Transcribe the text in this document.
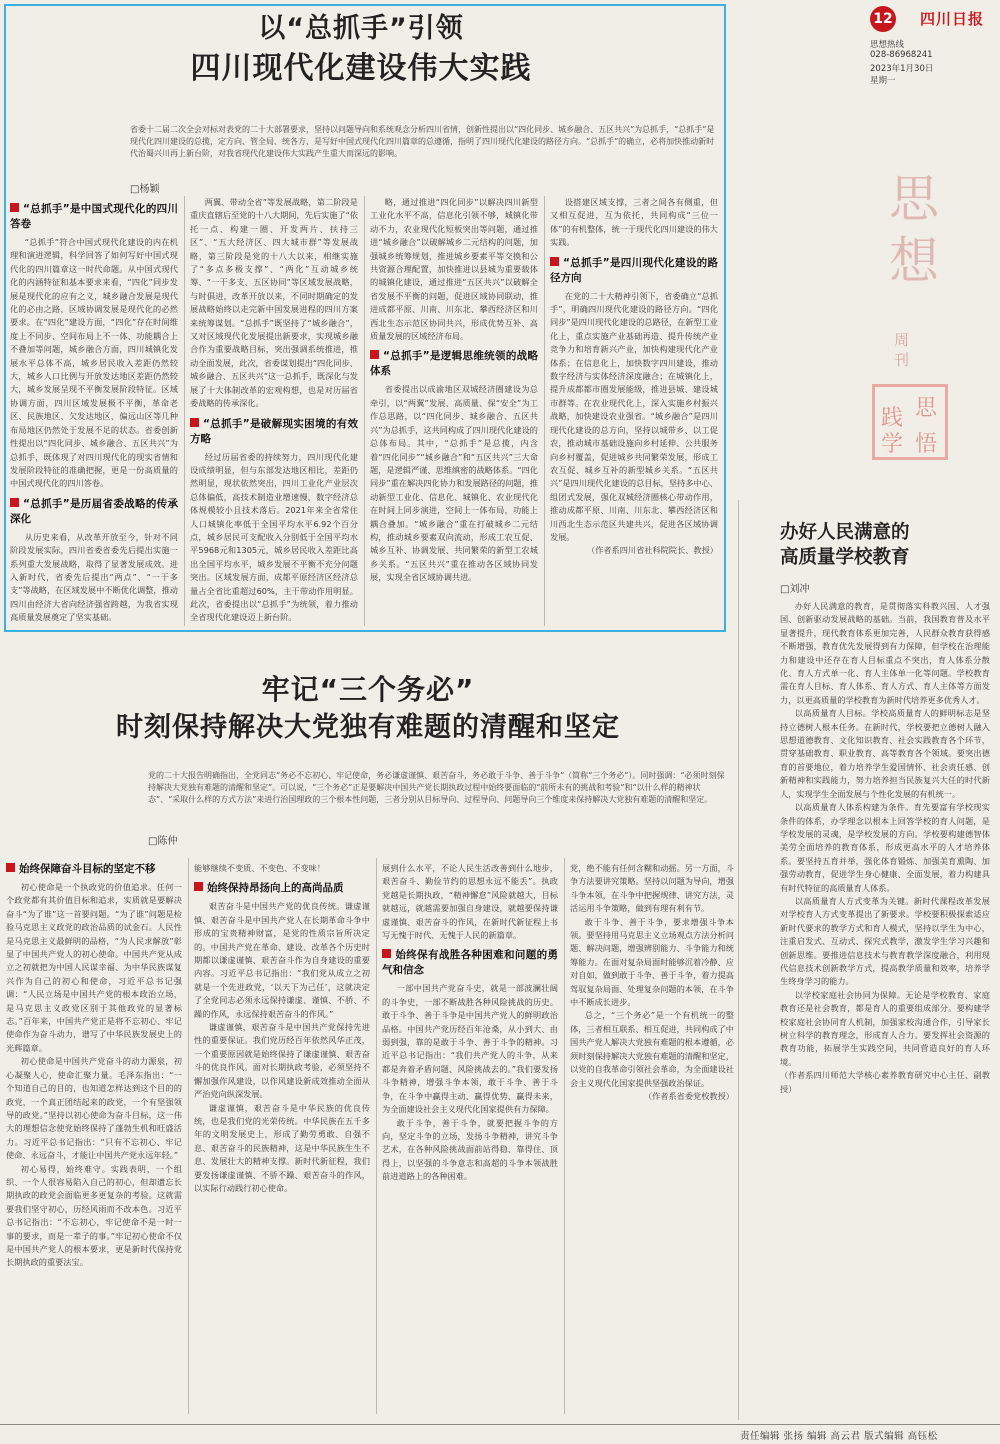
以“总抓手”引领
四川现代化建设伟大实践
省委十二届二次全会对标对表党的二十大部署要求，坚持以问题导向和系统观念分析四川省情，创新性提出以“四化同步、城乡融合、五区共兴”为总抓手，“总抓手”是现代化四川建设的总揽，定方向、管全局、统各方，是写好中国式现代化四川篇章的总遵循，指明了四川现代化建设的路径方向。“总抓手”的确立，必将加快推动新时代治蜀兴川再上新台阶，对我省现代化建设伟大实践产生重大而深远的影响。
□杨颖
“总抓手”是中国式现代化的四川答卷

“总抓手”符合中国式现代化建设的内在机理和演进逻辑，科学回答了如何写好中国式现代化的四川篇章这一时代命题。从中国式现代化的内涵特征和基本要求来看，“四化”同步发展是现代化的应有之义，城乡融合发展是现代化的必由之路，区域协调发展是现代化的必然要求。在“四化”建设方面，“四化”存在时间维度上不同步、空间布局上不一体、功能耦合上不叠加等问题，城乡融合方面，四川城镇化发展水平总体不高，城乡居民收入差距仍然较大，城乡人口比例与开放发达地区差距仍然较大，城乡发展呈现不平衡发展阶段特征。区域协调方面，四川区域发展极不平衡，革命老区、民族地区、欠发达地区、偏远山区等几种布局地区仍然处于发展不足的状态。省委创新性提出以“四化同步、城乡融合、五区共兴”为总抓手，既体现了对四川现代化的现实省情和发展阶段特征的准确把握，更是一份高质量的中国式现代化的四川答卷。

“总抓手”是历届省委战略的传承深化

从历史来看，从改革开放至今，针对不同阶段发展实际，四川省委省委先后提出实施一系列重大发展战略，取得了显著发展成效。进入新时代，省委先后提出“两点”、“一干多支”等战略，在区域发展中不断优化调整，推动四川由经济大省向经济强省跨越，为我省实现高质量发展奠定了坚实基础。

两翼、带动全省”等发展战略，第二阶段是重庆直辖后至党的十八大期间，先后实施了“依托一点、构建一圈、开发两片、扶持三区”、“五大经济区、四大城市群”等发展战略，第三阶段是党的十八大以来，相继实施了“多点多极支撑”、“两化”互动城乡统筹、“一干多支、五区协同”等区域发展战略，与时俱进，改革开放以来，不同时期确定的发展战略始终以走完新中国发展进程的四川方案来统筹谋划。“总抓手”既坚持了“城乡融合”，又对区域现代化发展提出新要求，实现城乡融合作为重要战略目标，突出强调系统推进，推动全面发展，此次，省委谋划提出“四化同步、城乡融合、五区共兴”这一总抓手，既深化与发展了十大体制改革的宏观构想，也是对历届省委战略的传承深化。

“总抓手”是破解现实困境的有效方略

经过历届省委的持续努力，四川现代化建设成绩明显，但与东部发达地区相比，差距仍然明显，现状依然突出，四川工业化产业层次总体偏低，高技术制造业增速慢，数字经济总体规模较小且技术落后。2021年来全省常住人口城镇化率低于全国平均水平6.92个百分点，城乡居民可支配收入分别低于全国平均水平5968元和1305元，城乡居民收入差距比高出全国平均水平，城乡发展不平衡不充分问题突出。区域发展方面，成都平原经济区经济总量占全省比重超过60%，主干带动作用明显。此次，省委提出以“总抓手”为统领，着力推动全省现代化建设迈上新台阶。

略，通过推进“四化同步”以解决四川新型工业化水平不高，信息化引领不够，城镇化带动不力，农业现代化短板突出等问题，通过推进“城乡融合”以破解城乡二元结构的问题，加强城乡统筹规划，推进城乡要素平等交换和公共资源合理配置，加快推进以县城为重要载体的城镇化建设，通过推进“五区共兴”以破解全省发展不平衡的问题，促进区域协同联动，推进成都平原、川南、川东北、攀西经济区和川西北生态示范区协同共兴，形成优势互补、高质量发展的区域经济布局。

“总抓手”是逻辑思维统领的战略体系

省委提出以成渝地区双城经济圈建设为总牵引，以“两翼”发展、高质量、保“安全”为工作总思路，以“四化同步、城乡融合、五区共兴”为总抓手，这共同构成了四川现代化建设的总体布局。其中，“总抓手”是总揽，内含着“四化同步”“城乡融合”和“五区共兴”三大命题，是逻辑严谨、思维缜密的战略体系。“四化同步”重在解决四化协力和发展路径的问题，推动新型工业化、信息化、城镇化、农业现代化在时间上同步演进，空间上一体布局，功能上耦合叠加。“城乡融合”重在打破城乡二元结构，推动城乡要素双向流动，形成工农互促、城乡互补、协调发展、共同繁荣的新型工农城乡关系。“五区共兴”重在推动各区域协同发展，实现全省区域协调共进。

设搭建区域支撑，三者之间各有侧重，但又相互促进，互为依托，共同构成“三位一体”的有机整体，统一于现代化四川建设的伟大实践。

“总抓手”是四川现代化建设的路径方向

在党的二十大精神引领下，省委确立“总抓手”，明确四川现代化建设的路径方向。“四化同步”是四川现代化建设的总路径，在新型工业化上，重点实施产业基础再造、提升传统产业竞争力和培育新兴产业，加快构建现代化产业体系；在信息化上，加快数字四川建设，推动数字经济与实体经济深度融合；在城镇化上，提升成都都市圈发展能级，推进县城、建设城市群等。在农业现代化上，深入实施乡村振兴战略，加快建设农业强省。“城乡融合”是四川现代化建设的总方向，坚持以城带乡、以工促农，推动城市基础设施向乡村延伸、公共服务向乡村覆盖，促进城乡共同繁荣发展，形成工农互促、城乡互补的新型城乡关系。“五区共兴”是四川现代化建设的总目标，坚持多中心、组团式发展，强化双城经济圈核心带动作用，推动成都平原、川南、川东北、攀西经济区和川西北生态示范区共建共兴，促进各区域协调发展。

（作者系四川省社科院院长、教授）

12 四川日报
思想热线
028-86968241
2023年1月30日
星期一
思
想
周
刊
学
思
践
悟
牢记“三个务必”
时刻保持解决大党独有难题的清醒和坚定
党的二十大报告明确指出，全党同志“务必不忘初心、牢记使命，务必谦虚谨慎、艰苦奋斗，务必敢于斗争、善于斗争”（简称“三个务必”）。同时强调：“必须时刻保持解决大党独有难题的清醒和坚定”。可以说，“三个务必”正是要解决中国共产党长期执政过程中始终要面临的“前所未有的挑战和考验”和“以什么样的精神状态”、“采取什么样的方式方法”来进行治国理政的三个根本性问题，三者分别从目标导向、过程导向、问题导向三个维度来保持解决大党独有难题的清醒和坚定。
□陈仲
始终保障奋斗目标的坚定不移

初心使命是一个执政党的价值追求。任何一个政党都有其价值目标和追求，实质就是要解决奋斗“为了谁”这一首要问题。“为了谁”问题是检验马克思主义政党的政治品质的试金石。人民性是马克思主义最鲜明的品格，“为人民求解放”彰显了中国共产党人的初心使命。中国共产党从成立之初就把为中国人民谋幸福、为中华民族谋复兴作为自己的初心和使命，习近平总书记强调：“人民立场是中国共产党的根本政治立场，是马克思主义政党区别于其他政党的显著标志。”百年来，中国共产党正是将不忘初心、牢记使命作为奋斗动力，谱写了中华民族发展史上的光辉篇章。

初心使命是中国共产党奋斗的动力源泉，初心凝聚人心，使命汇聚力量。毛泽东指出：“一个知道自己的目的，也知道怎样达到这个目的的政党，一个真正团结起来的政党，一个有坚强领导的政党。”坚持以初心使命为奋斗目标，这一伟大的理想信念使党始终保持了蓬勃生机和旺盛活力。习近平总书记指出：“只有不忘初心、牢记使命、永远奋斗，才能让中国共产党永远年轻。”

初心易得，始终难守。实践表明，一个组织、一个人很容易陷入自己的初心，但却遗忘长期执政的政党会面临更多更复杂的考验。这就需要我们坚守初心，历经风雨而不改本色。习近平总书记指出：“不忘初心，牢记使命不是一时一事的要求，而是一辈子的事。”牢记初心使命不仅是中国共产党人的根本要求，更是新时代保持党长期执政的重要法宝。

能够继续不变质、不变色、不变味！

始终保持昂扬向上的高尚品质

艰苦奋斗是中国共产党的优良传统。谦虚谨慎、艰苦奋斗是中国共产党人在长期革命斗争中形成的宝贵精神财富，是党的性质宗旨所决定的。中国共产党在革命、建设、改革各个历史时期都以谦虚谨慎、艰苦奋斗作为自身建设的重要内容。习近平总书记指出：“我们党从成立之初就是一个先进政党，‘以天下为己任’，这就决定了全党同志必须永远保持谦虚、谨慎、不骄、不躁的作风，永远保持艰苦奋斗的作风。”

谦虚谨慎，艰苦奋斗是中国共产党保持先进性的重要保证。我们党历经百年依然风华正茂，一个重要原因就是始终保持了谦虚谨慎、艰苦奋斗的优良作风。面对长期执政考验，必须坚持不懈加强作风建设，以作风建设新成效推动全面从严治党向纵深发展。

谦虚谨慎，艰苦奋斗是中华民族的优良传统，也是我们党的光荣传统。中华民族在五千多年的文明发展史上，形成了勤劳勇敢、自强不息、艰苦奋斗的民族精神，这是中华民族生生不息、发展壮大的精神支撑。新时代新征程，我们要发扬谦虚谨慎、不骄不躁、艰苦奋斗的作风，以实际行动践行初心使命。

展到什么水平，不论人民生活改善到什么地步，艰苦奋斗、勤俭节约的思想永远不能丢”。执政党越是长期执政，“精神懈怠”风险就越大，目标就越远，就越需要加强自身建设，就越要保持谦虚谨慎、艰苦奋斗的作风，在新时代新征程上书写无愧于时代、无愧于人民的新篇章。

始终保有战胜各种困难和问题的勇气和信念

一部中国共产党奋斗史，就是一部波澜壮阔的斗争史，一部不断战胜各种风险挑战的历史。敢于斗争、善于斗争是中国共产党人的鲜明政治品格。中国共产党历经百年沧桑，从小到大、由弱到强，靠的是敢于斗争、善于斗争的精神。习近平总书记指出：“我们共产党人的斗争，从来都是奔着矛盾问题、风险挑战去的。”我们要发扬斗争精神，增强斗争本领，敢于斗争、善于斗争，在斗争中赢得主动、赢得优势、赢得未来，为全面建设社会主义现代化国家提供有力保障。

敢于斗争，善于斗争，就要把握斗争的方向，坚定斗争的立场，发扬斗争精神，讲究斗争艺术，在各种风险挑战面前站得稳、靠得住、顶得上，以坚强的斗争意志和高超的斗争本领战胜前进道路上的各种困难。

党，绝不能有任何含糊和动摇。另一方面，斗争方法要讲究策略。坚持以问题为导向，增强斗争本领，在斗争中把握规律、讲究方法，灵活运用斗争策略，做到有理有利有节。

敢于斗争、善于斗争，要求增强斗争本领。要坚持用马克思主义立场观点方法分析问题、解决问题，增强辨别能力、斗争能力和统筹能力。在面对复杂局面时能够沉着冷静、应对自如，做到敢于斗争、善于斗争，着力提高驾驭复杂局面、处理复杂问题的本领，在斗争中不断成长进步。

总之，“三个务必”是一个有机统一的整体，三者相互联系、相互促进，共同构成了中国共产党人解决大党独有难题的根本遵循，必须时刻保持解决大党独有难题的清醒和坚定，以党的自我革命引领社会革命，为全面建设社会主义现代化国家提供坚强政治保证。

（作者系省委党校教授）

办好人民满意的
高质量学校教育
□刘冲

办好人民满意的教育，是贯彻落实科教兴国、人才强国、创新驱动发展战略的基础。当前，我国教育普及水平显著提升，现代教育体系更加完善，人民群众教育获得感不断增强，教育优先发展得到有力保障，但学校在治理能力和建设中还存在育人目标重点不突出，育人体系分散化、育人方式单一化、育人主体单一化等问题。学校教育需在育人目标、育人体系、育人方式、育人主体等方面发力，以更高质量的学校教育为新时代培养更多优秀人才。

以高质量育人目标。学校高质量育人的鲜明标志是坚持立德树人根本任务。在新时代，学校要把立德树人融入思想道德教育、文化知识教育、社会实践教育各个环节，贯穿基础教育、职业教育、高等教育各个领域。要突出德育的首要地位，着力培养学生爱国情怀、社会责任感、创新精神和实践能力，努力培养担当民族复兴大任的时代新人，实现学生全面发展与个性化发展的有机统一。

以高质量育人体系构建为条件。育先要富有学校现实条件的体系，办学理念以根本上回答学校的育人问题，是学校发展的灵魂，是学校发展的方向。学校要构建德智体美劳全面培养的教育体系，形成更高水平的人才培养体系。要坚持五育并举，强化体育锻炼、加强美育熏陶、加强劳动教育，促进学生身心健康、全面发展，着力构建具有时代特征的高质量育人体系。

以高质量育人方式变革为关键。新时代课程改革发展对学校育人方式变革提出了新要求。学校要积极探索适应新时代要求的教学方式和育人模式，坚持以学生为中心，注重启发式、互动式、探究式教学，激发学生学习兴趣和创新思维。要推进信息技术与教育教学深度融合，利用现代信息技术创新教学方式，提高教学质量和效率，培养学生终身学习的能力。

以学校家庭社会协同为保障。无论是学校教育、家庭教育还是社会教育，都是育人的重要组成部分。要构建学校家庭社会协同育人机制，加强家校沟通合作，引导家长树立科学的教育理念，形成育人合力。要发挥社会资源的教育功能，拓展学生实践空间，共同营造良好的育人环境。

（作者系四川师范大学核心素养教育研究中心主任、副教授）

责任编辑 张扬 编辑 高云君 版式编辑 高钰松
